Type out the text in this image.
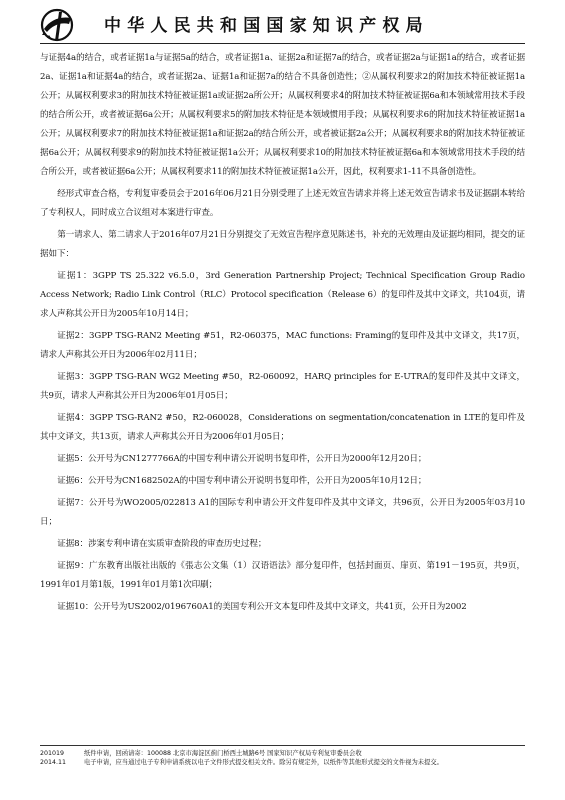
中华人民共和国国家知识产权局

与证据4a的结合，或者证据1a与证据5a的结合，或者证据1a、证据2a和证据7a的结合，或者证据2a与证据1a的结合，或者证据2a、证据1a和证据4a的结合，或者证据2a、证据1a和证据7a的结合不具备创造性；②从属权利要求2的附加技术特征被证据1a公开；从属权利要求3的附加技术特征被证据1a或证据2a所公开；从属权利要求4的附加技术特征被证据6a和本领域常用技术手段的结合所公开，或者被证据6a公开；从属权利要求5的附加技术特征是本领域惯用手段；从属权利要求6的附加技术特征被证据1a公开；从属权利要求7的附加技术特征被证据1a和证据2a的结合所公开，或者被证据2a公开；从属权利要求8的附加技术特征被证据6a公开；从属权利要求9的附加技术特征被证据1a公开；从属权利要求10的附加技术特征被证据6a和本领域常用技术手段的结合所公开，或者被证据6a公开；从属权利要求11的附加技术特征被证据1a公开，因此，权利要求1-11不具备创造性。

经形式审查合格，专利复审委员会于2016年06月21日分别受理了上述无效宣告请求并将上述无效宣告请求书及证据副本转给了专利权人，同时成立合议组对本案进行审查。

第一请求人、第二请求人于2016年07月21日分别提交了无效宣告程序意见陈述书，补充的无效理由及证据均相同，提交的证据如下：

证据1：3GPP TS 25.322 v6.5.0，3rd Generation Partnership Project; Technical Specification Group Radio Access Network; Radio Link Control（RLC）Protocol specification（Release 6）的复印件及其中文译文，共104页，请求人声称其公开日为2005年10月14日；

证据2：3GPP TSG-RAN2 Meeting #51，R2-060375，MAC functions: Framing的复印件及其中文译文，共17页，请求人声称其公开日为2006年02月11日；

证据3：3GPP TSG-RAN WG2 Meeting #50，R2-060092，HARQ principles for E-UTRA的复印件及其中文译文，共9页，请求人声称其公开日为2006年01月05日；

证据4：3GPP TSG-RAN2 #50，R2-060028，Considerations on segmentation/concatenation in LTE的复印件及其中文译文，共13页，请求人声称其公开日为2006年01月05日；

证据5：公开号为CN1277766A的中国专利申请公开说明书复印件，公开日为2000年12月20日；

证据6：公开号为CN1682502A的中国专利申请公开说明书复印件，公开日为2005年10月12日；

证据7：公开号为WO2005/022813 A1的国际专利申请公开文件复印件及其中文译文，共96页，公开日为2005年03月10日；

证据8：涉案专利申请在实质审查阶段的审查历史过程；

证据9：广东教育出版社出版的《張志公文集（1）汉语语法》部分复印件，包括封面页、扉页、第191－195页，共9页，1991年01月第1版，1991年01月第1次印刷；

证据10：公开号为US2002/0196760A1的美国专利公开文本复印件及其中文译文，共41页，公开日为2002

201019	纸件申请，回函请寄：100088 北京市海淀区蓟门桥西土城路6号 国家知识产权局专利复审委员会收
2014.11	电子申请，应当通过电子专利申请系统以电子文件形式提交相关文件。除另有规定外，以纸件等其他形式提交的文件视为未提交。
